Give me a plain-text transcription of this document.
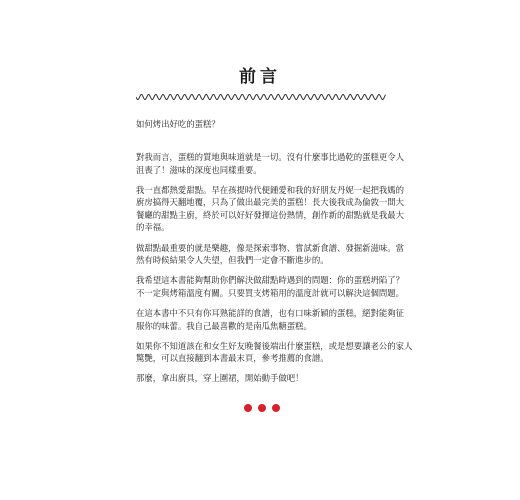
前言
如何烤出好吃的蛋糕？
對我而言，蛋糕的質地與味道就是一切。沒有什麼事比過乾的蛋糕更令人
沮喪了！滋味的深度也同樣重要。
我一直都熱愛甜點。早在孩提時代便鍾愛和我的好朋友丹妮一起把我媽的
廚房搞得天翻地覆，只為了做出最完美的蛋糕！長大後我成為倫敦一間大
餐廳的甜點主廚，終於可以好好發揮這份熱情，創作新的甜點就是我最大
的幸福。
做甜點最重要的就是樂趣，像是探索事物、嘗試新食譜、發掘新滋味。當
然有時候結果令人失望，但我們一定會不斷進步的。
我希望這本書能夠幫助你們解決做甜點時遇到的問題：你的蛋糕坍陷了？
不一定與烤箱溫度有關。只要買支烤箱用的溫度計就可以解決這個問題。
在這本書中不只有你耳熟能詳的食譜，也有口味新穎的蛋糕，絕對能夠征
服你的味蕾。我自己最喜歡的是南瓜焦糖蛋糕。
如果你不知道該在和女生好友晚餐後端出什麼蛋糕，或是想要讓老公的家人
驚艷，可以直接翻到本書最末頁，參考推薦的食譜。
那麼，拿出廚具，穿上圍裙，開始動手做吧！
